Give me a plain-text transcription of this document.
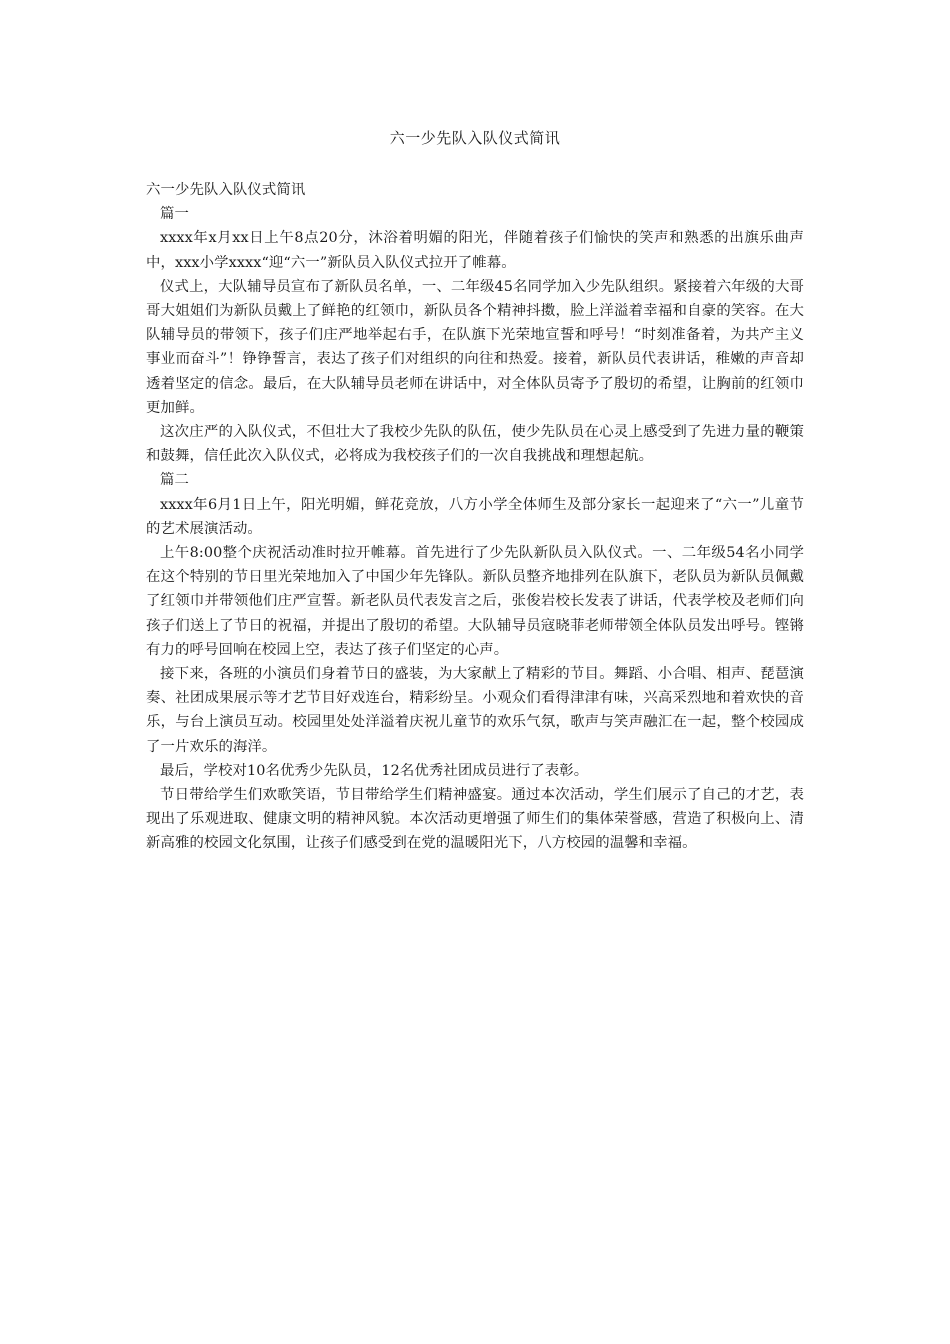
六一少先队入队仪式简讯

六一少先队入队仪式简讯

篇一

xxxx年x月xx日上午8点20分，沐浴着明媚的阳光，伴随着孩子们愉快的笑声和熟悉的出旗乐曲声中，xxx小学xxxx“迎“六一”新队员入队仪式拉开了帷幕。

仪式上，大队辅导员宣布了新队员名单，一、二年级45名同学加入少先队组织。紧接着六年级的大哥哥大姐姐们为新队员戴上了鲜艳的红领巾，新队员各个精神抖擞，脸上洋溢着幸福和自豪的笑容。在大队辅导员的带领下，孩子们庄严地举起右手，在队旗下光荣地宣誓和呼号！“时刻准备着，为共产主义事业而奋斗”！铮铮誓言，表达了孩子们对组织的向往和热爱。接着，新队员代表讲话，稚嫩的声音却透着坚定的信念。最后，在大队辅导员老师在讲话中，对全体队员寄予了殷切的希望，让胸前的红领巾更加鲜。

这次庄严的入队仪式，不但壮大了我校少先队的队伍，使少先队员在心灵上感受到了先进力量的鞭策和鼓舞，信任此次入队仪式，必将成为我校孩子们的一次自我挑战和理想起航。

篇二

xxxx年6月1日上午，阳光明媚，鲜花竞放，八方小学全体师生及部分家长一起迎来了“六一”儿童节的艺术展演活动。

上午8:00整个庆祝活动准时拉开帷幕。首先进行了少先队新队员入队仪式。一、二年级54名小同学在这个特别的节日里光荣地加入了中国少年先锋队。新队员整齐地排列在队旗下，老队员为新队员佩戴了红领巾并带领他们庄严宣誓。新老队员代表发言之后，张俊岩校长发表了讲话，代表学校及老师们向孩子们送上了节日的祝福，并提出了殷切的希望。大队辅导员寇晓菲老师带领全体队员发出呼号。铿锵有力的呼号回响在校园上空，表达了孩子们坚定的心声。

接下来，各班的小演员们身着节日的盛装，为大家献上了精彩的节目。舞蹈、小合唱、相声、琵琶演奏、社团成果展示等才艺节目好戏连台，精彩纷呈。小观众们看得津津有味，兴高采烈地和着欢快的音乐，与台上演员互动。校园里处处洋溢着庆祝儿童节的欢乐气氛，歌声与笑声融汇在一起，整个校园成了一片欢乐的海洋。

最后，学校对10名优秀少先队员，12名优秀社团成员进行了表彰。

节日带给学生们欢歌笑语，节目带给学生们精神盛宴。通过本次活动，学生们展示了自己的才艺，表现出了乐观进取、健康文明的精神风貌。本次活动更增强了师生们的集体荣誉感，营造了积极向上、清新高雅的校园文化氛围，让孩子们感受到在党的温暖阳光下，八方校园的温馨和幸福。
